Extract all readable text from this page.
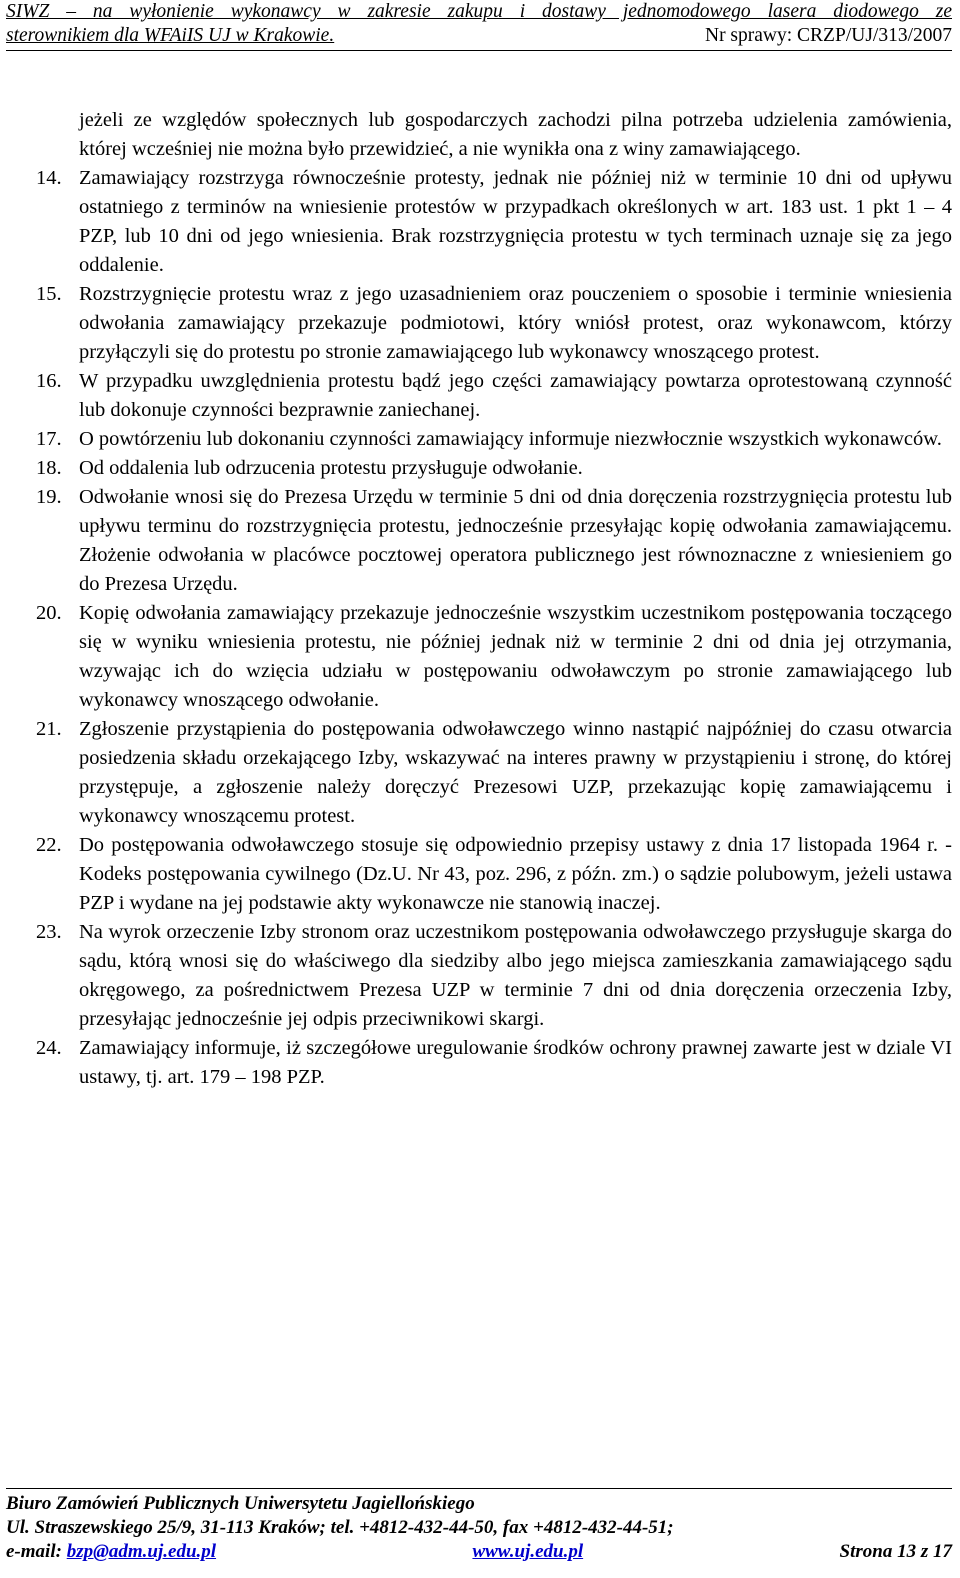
SIWZ – na wyłonienie wykonawcy w zakresie zakupu i dostawy jednomodowego lasera diodowego ze
sterownikiem dla WFAiIS UJ w Krakowie.	Nr sprawy: CRZP/UJ/313/2007
jeżeli ze względów społecznych lub gospodarczych zachodzi pilna potrzeba udzielenia zamówienia, której wcześniej nie można było przewidzieć, a nie wynikła ona z winy zamawiającego.
14. Zamawiający rozstrzyga równocześnie protesty, jednak nie później niż w terminie 10 dni od upływu ostatniego z terminów na wniesienie protestów w przypadkach określonych w art. 183 ust. 1 pkt 1 – 4 PZP, lub 10 dni od jego wniesienia. Brak rozstrzygnięcia protestu w tych terminach uznaje się za jego oddalenie.
15. Rozstrzygnięcie protestu wraz z jego uzasadnieniem oraz pouczeniem o sposobie i terminie wniesienia odwołania zamawiający przekazuje podmiotowi, który wniósł protest, oraz wykonawcom, którzy przyłączyli się do protestu po stronie zamawiającego lub wykonawcy wnoszącego protest.
16. W przypadku uwzględnienia protestu bądź jego części zamawiający powtarza oprotestowaną czynność lub dokonuje czynności bezprawnie zaniechanej.
17. O powtórzeniu lub dokonaniu czynności zamawiający informuje niezwłocznie wszystkich wykonawców.
18. Od oddalenia lub odrzucenia protestu przysługuje odwołanie.
19. Odwołanie wnosi się do Prezesa Urzędu w terminie 5 dni od dnia doręczenia rozstrzygnięcia protestu lub upływu terminu do rozstrzygnięcia protestu, jednocześnie przesyłając kopię odwołania zamawiającemu. Złożenie odwołania w placówce pocztowej operatora publicznego jest równoznaczne z wniesieniem go do Prezesa Urzędu.
20. Kopię odwołania zamawiający przekazuje jednocześnie wszystkim uczestnikom postępowania toczącego się w wyniku wniesienia protestu, nie później jednak niż w terminie 2 dni od dnia jej otrzymania, wzywając ich do wzięcia udziału w postępowaniu odwoławczym po stronie zamawiającego lub wykonawcy wnoszącego odwołanie.
21. Zgłoszenie przystąpienia do postępowania odwoławczego winno nastąpić najpóźniej do czasu otwarcia posiedzenia składu orzekającego Izby, wskazywać na interes prawny w przystąpieniu i stronę, do której przystępuje, a zgłoszenie należy doręczyć Prezesowi UZP, przekazując kopię zamawiającemu i wykonawcy wnoszącemu protest.
22. Do postępowania odwoławczego stosuje się odpowiednio przepisy ustawy z dnia 17 listopada 1964 r. - Kodeks postępowania cywilnego (Dz.U. Nr 43, poz. 296, z późn. zm.) o sądzie polubowym, jeżeli ustawa PZP i wydane na jej podstawie akty wykonawcze nie stanowią inaczej.
23. Na wyrok orzeczenie Izby stronom oraz uczestnikom postępowania odwoławczego przysługuje skarga do sądu, którą wnosi się do właściwego dla siedziby albo jego miejsca zamieszkania zamawiającego sądu okręgowego, za pośrednictwem Prezesa UZP w terminie 7 dni od dnia doręczenia orzeczenia Izby, przesyłając jednocześnie jej odpis przeciwnikowi skargi.
24. Zamawiający informuje, iż szczegółowe uregulowanie środków ochrony prawnej zawarte jest w dziale VI ustawy, tj. art. 179 – 198 PZP.
Biuro Zamówień Publicznych Uniwersytetu Jagiellońskiego
Ul. Straszewskiego 25/9, 31-113 Kraków; tel. +4812-432-44-50, fax +4812-432-44-51;
e-mail: bzp@adm.uj.edu.pl	www.uj.edu.pl	Strona 13 z 17
